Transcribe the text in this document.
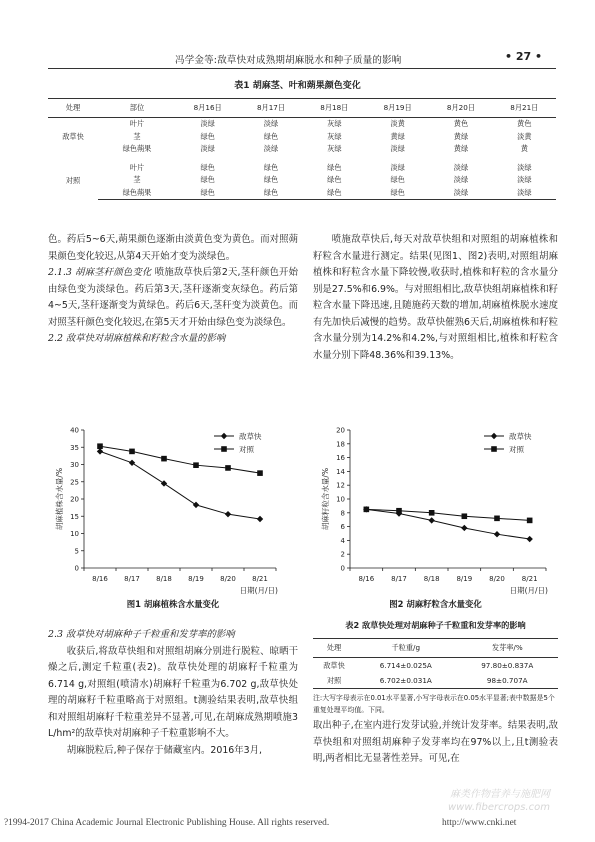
冯学金等:敌草快对成熟期胡麻脱水和种子质量的影响	• 27 •
表1 胡麻茎、叶和蒴果颜色变化
处理	部位	8月16日	8月17日	8月18日	8月19日	8月20日	8月21日
敌草快	叶片	淡绿	淡绿	灰绿	淡黄	黄色	黄色
	茎	绿色	绿色	灰绿	黄绿	黄绿	淡黄
	绿色蒴果	淡绿	淡绿	灰绿	淡绿	黄绿	黄
对照	叶片	绿色	绿色	绿色	淡绿	淡绿	淡绿
	茎	绿色	绿色	绿色	绿色	淡绿	淡绿
	绿色蒴果	绿色	绿色	绿色	绿色	淡绿	淡绿

色。药后5~6天,蒴果颜色逐渐由淡黄色变为黄色。而对照蒴果颜色变化较迟,从第4天开始才变为淡绿色。

2.1.3 胡麻茎秆颜色变化 喷施敌草快后第2天,茎秆颜色开始由绿色变为淡绿色。药后第3天,茎秆逐渐变灰绿色。药后第4~5天,茎秆逐渐变为黄绿色。药后6天,茎秆变为淡黄色。而对照茎秆颜色变化较迟,在第5天才开始由绿色变为淡绿色。

2.2 敌草快对胡麻植株和籽粒含水量的影响

喷施敌草快后,每天对敌草快组和对照组的胡麻植株和籽粒含水量进行测定。结果(见图1、图2)表明,对照组胡麻植株和籽粒含水量下降较慢,收获时,植株和籽粒的含水量分别是27.5%和6.9%。与对照组相比,敌草快组胡麻植株和籽粒含水量下降迅速,且随施药天数的增加,胡麻植株脱水速度有先加快后减慢的趋势。敌草快催熟6天后,胡麻植株和籽粒含水量分别为14.2%和4.2%,与对照组相比,植株和籽粒含水量分别下降48.36%和39.13%。

0
5
10
15
20
25
30
35
40
8/16 8/17 8/18 8/19 8/20 8/21
日期(月/日)
胡麻植株含水量/%
敌草快
对照
图1 胡麻植株含水量变化
0
2
4
6
8
10
12
14
16
18
20
8/16 8/17 8/18 8/19 8/20 8/21
日期(月/日)
胡麻籽粒含水量/%
敌草快
对照
图2 胡麻籽粒含水量变化

2.3 敌草快对胡麻种子千粒重和发芽率的影响

收获后,将敌草快组和对照组胡麻分别进行脱粒、晾晒干燥之后,测定千粒重(表2)。敌草快处理的胡麻籽千粒重为6.714 g,对照组(喷清水)胡麻籽千粒重为6.702 g,敌草快处理的胡麻籽千粒重略高于对照组。t测验结果表明,敌草快组和对照组胡麻籽千粒重差异不显著,可见,在胡麻成熟期喷施3 L/hm²的敌草快对胡麻种子千粒重影响不大。

胡麻脱粒后,种子保存于储藏室内。2016年3月,

表2 敌草快处理对胡麻种子千粒重和发芽率的影响
处理	千粒重/g	发芽率/%
敌草快	6.714±0.025A	97.80±0.837A
对照	6.702±0.031A	98±0.707A
注:大写字母表示在0.01水平显著,小写字母表示在0.05水平显著;表中数据是5个重复处理平均值。下同。

取出种子,在室内进行发芽试验,并统计发芽率。结果表明,敌草快组和对照组胡麻种子发芽率均在97%以上,且t测验表明,两者相比无显著性差异。可见,在

麻类作物营养与施肥网
www.fibercrops.com
?1994-2017 China Academic Journal Electronic Publishing House. All rights reserved.	http://www.cnki.net
